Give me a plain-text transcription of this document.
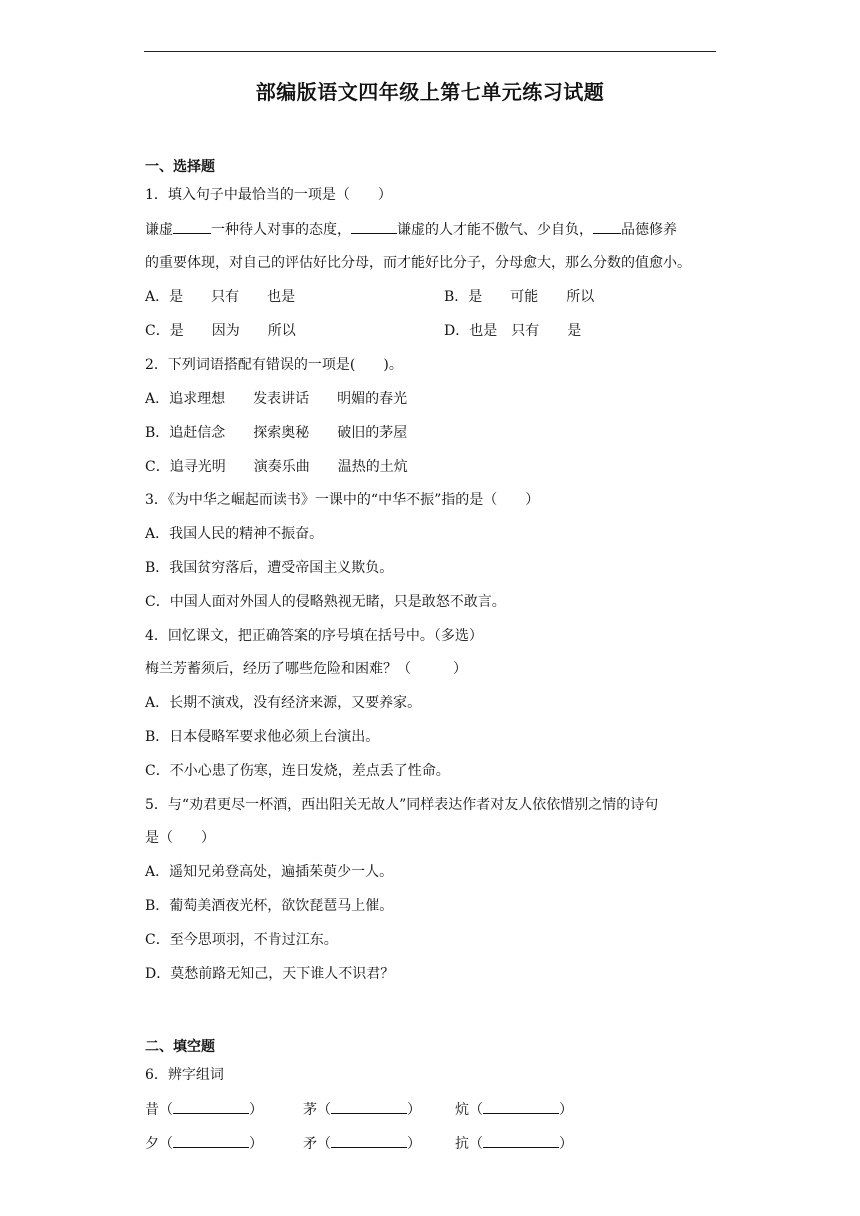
部编版语文四年级上第七单元练习试题
一、选择题
1．填入句子中最恰当的一项是（　　）
谦虚	一种待人对事的态度，	谦虚的人才能不傲气、少自负， 品德修养
的重要体现，对自己的评估好比分母，而才能好比分子，分母愈大，那么分数的值愈小。
A．是　　只有　　也是	B．是　　可能　　所以
C．是　　因为　　所以	D．也是　只有　　是
2．下列词语搭配有错误的一项是(　　)。
A．追求理想　　发表讲话　　明媚的春光
B．追赶信念　　探索奥秘　　破旧的茅屋
C．追寻光明　　演奏乐曲　　温热的土炕
3．《为中华之崛起而读书》一课中的“中华不振”指的是（　　）
A．我国人民的精神不振奋。
B．我国贫穷落后，遭受帝国主义欺负。
C．中国人面对外国人的侵略熟视无睹，只是敢怒不敢言。
4．回忆课文，把正确答案的序号填在括号中。（多选）
梅兰芳蓄须后，经历了哪些危险和困难？（　　　）
A．长期不演戏，没有经济来源，又要养家。
B．日本侵略军要求他必须上台演出。
C．不小心患了伤寒，连日发烧，差点丢了性命。
5．与“劝君更尽一杯酒，西出阳关无故人”同样表达作者对友人依依惜别之情的诗句
是（　　）
A．遥知兄弟登高处，遍插茱萸少一人。
B．葡萄美酒夜光杯，欲饮琵琶马上催。
C．至今思项羽，不肯过江东。
D．莫愁前路无知己，天下谁人不识君？
二、填空题
6．辨字组词
昔（	）	茅（	） 炕（	）
夕（	）	矛（	） 抗（	）
